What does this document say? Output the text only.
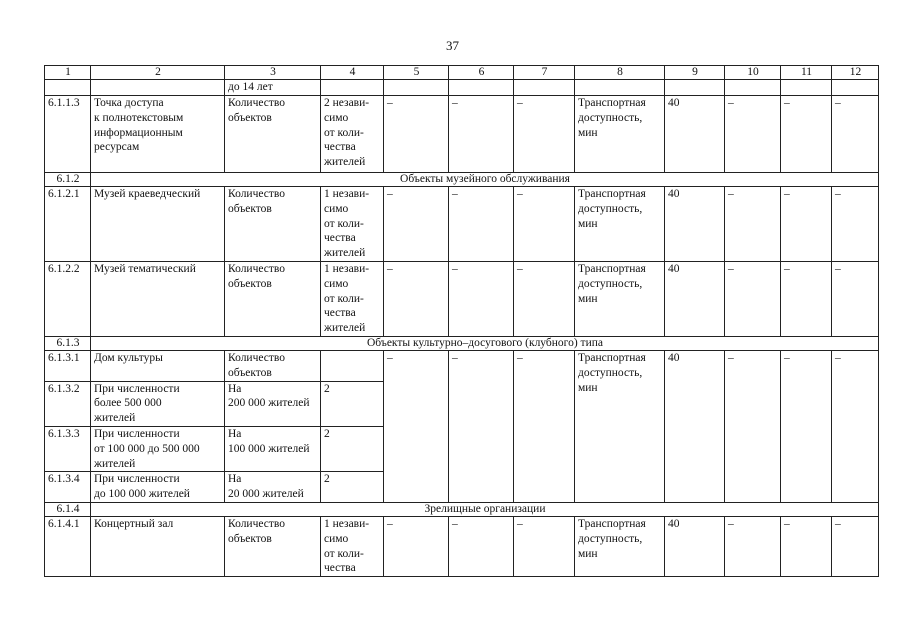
37
1	2	3	4	5	6	7	8	9	10	11	12
		до 14 лет									
6.1.1.3	Точка доступа
к полнотекстовым
информационным
ресурсам	Количество
объектов	2 незави-
симо
от коли-
чества
жителей	–	–	–	Транспортная
доступность,
мин	40	–	–	–
6.1.2	Объекты музейного обслуживания										
6.1.2.1	Музей краеведческий	Количество
объектов	1 незави-
симо
от коли-
чества
жителей	–	–	–	Транспортная
доступность,
мин	40	–	–	–
6.1.2.2	Музей тематический	Количество
объектов	1 незави-
симо
от коли-
чества
жителей	–	–	–	Транспортная
доступность,
мин	40	–	–	–
6.1.3	Объекты культурно–досугового (клубного) типа										
6.1.3.1	Дом культуры	Количество
объектов		–	–	–	Транспортная
доступность,
мин	40	–	–	–
6.1.3.2	При численности
более 500 000
жителей	На
200 000 жителей	2								
6.1.3.3	При численности
от 100 000 до 500 000
жителей	На
100 000 жителей	2								
6.1.3.4	При численности
до 100 000 жителей	На
20 000 жителей	2								
6.1.4	Зрелищные организации										
6.1.4.1	Концертный зал	Количество
объектов	1 незави-
симо
от коли-
чества	–	–	–	Транспортная
доступность,
мин	40	–	–	–
